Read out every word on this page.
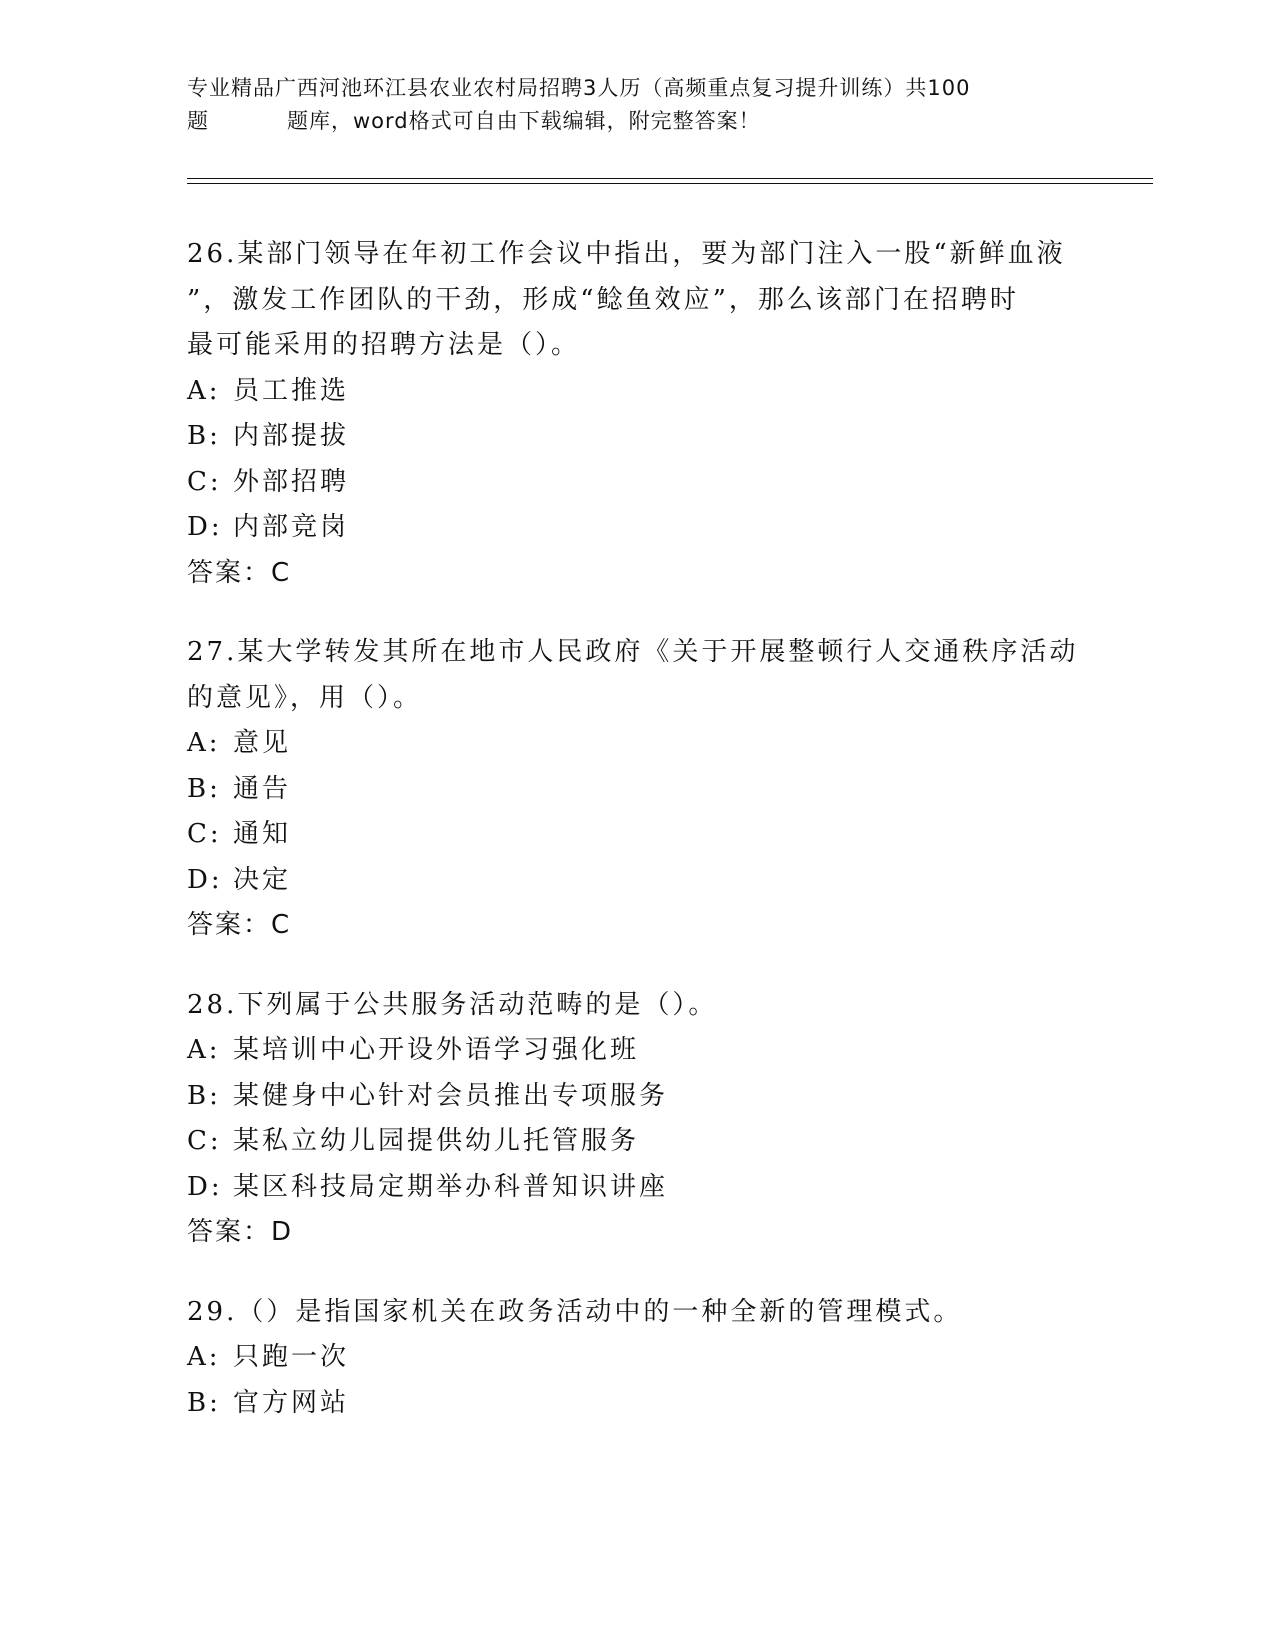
专业精品广西河池环江县农业农村局招聘3人历（高频重点复习提升训练）共100
题	题库，word格式可自由下载编辑，附完整答案！
26.某部门领导在年初工作会议中指出，要为部门注入一股“新鲜血液
”，激发工作团队的干劲，形成“鲶鱼效应”，那么该部门在招聘时
最可能采用的招聘方法是（）。
A: 员工推选
B: 内部提拔
C: 外部招聘
D: 内部竞岗
答案：C
27.某大学转发其所在地市人民政府《关于开展整顿行人交通秩序活动
的意见》，用（）。
A: 意见
B: 通告
C: 通知
D: 决定
答案：C
28.下列属于公共服务活动范畴的是（）。
A: 某培训中心开设外语学习强化班
B: 某健身中心针对会员推出专项服务
C: 某私立幼儿园提供幼儿托管服务
D: 某区科技局定期举办科普知识讲座
答案：D
29.（）是指国家机关在政务活动中的一种全新的管理模式。
A: 只跑一次
B: 官方网站
